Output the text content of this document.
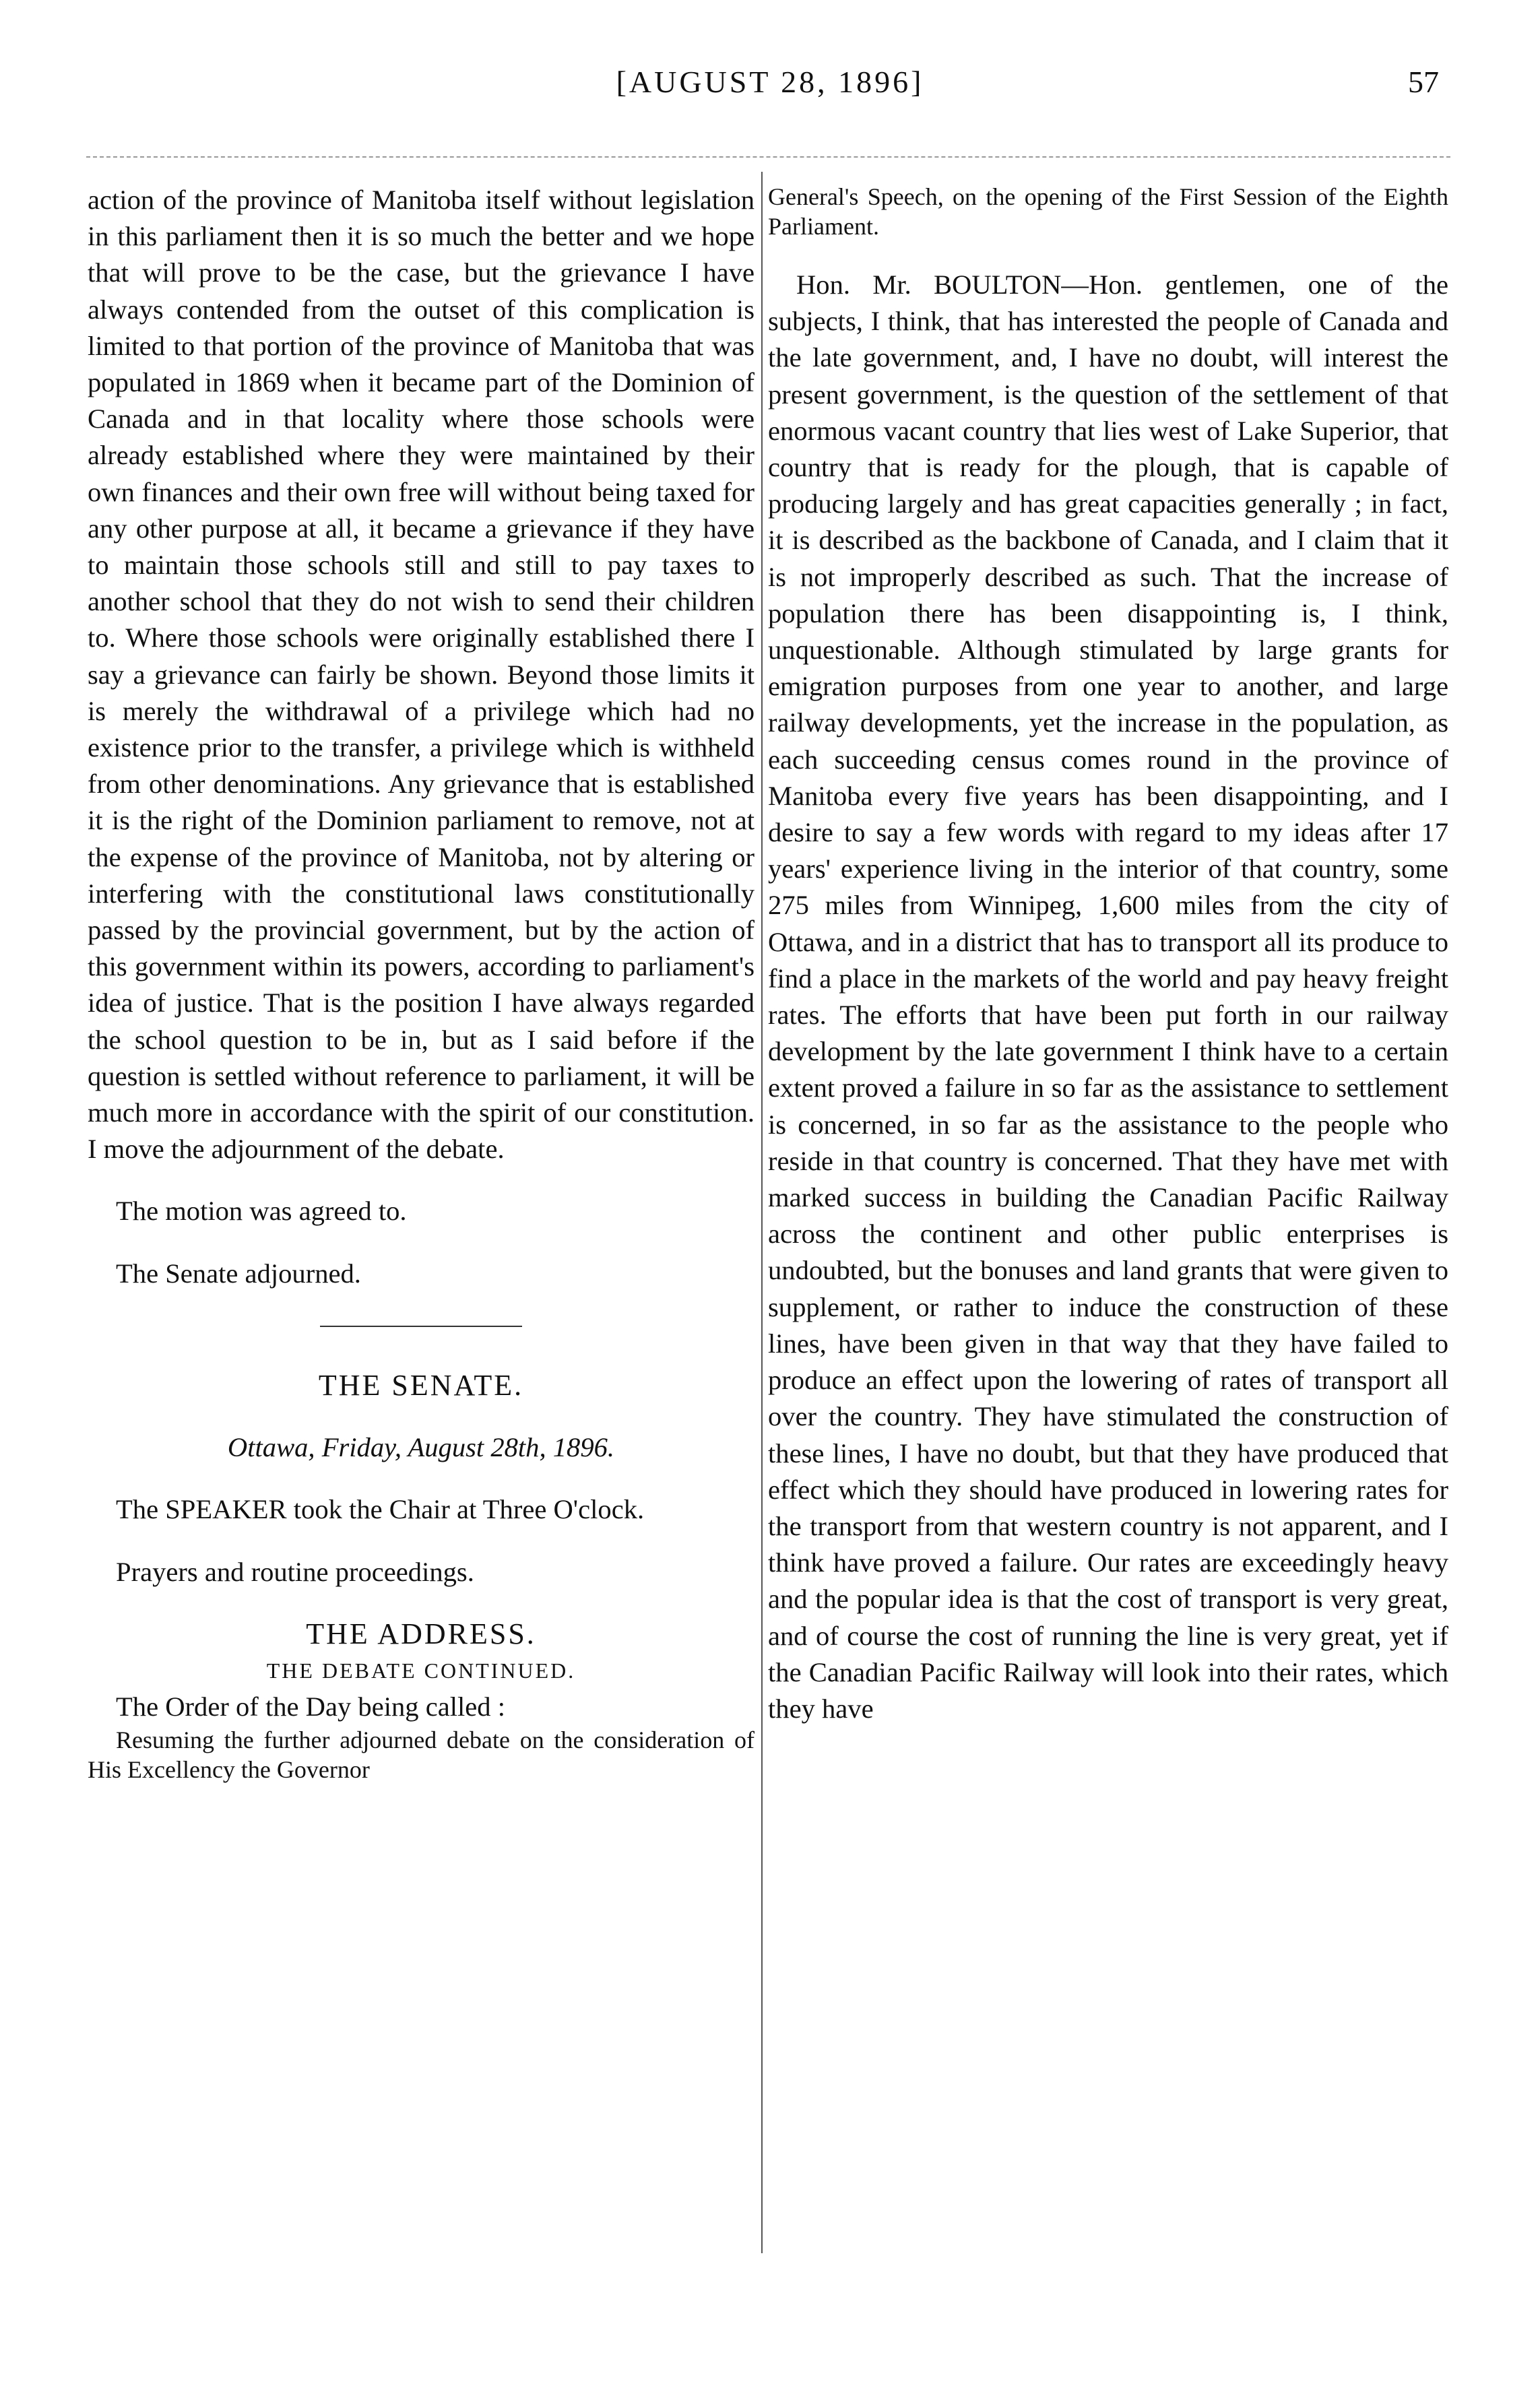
[AUGUST 28, 1896]	57

action of the province of Manitoba itself without legislation in this parliament then it is so much the better and we hope that will prove to be the case, but the grievance I have always contended from the outset of this complication is limited to that portion of the province of Manitoba that was populated in 1869 when it became part of the Dominion of Canada and in that locality where those schools were already established where they were maintained by their own finances and their own free will without being taxed for any other purpose at all, it became a grievance if they have to maintain those schools still and still to pay taxes to another school that they do not wish to send their children to. Where those schools were originally established there I say a grievance can fairly be shown. Beyond those limits it is merely the withdrawal of a privilege which had no existence prior to the transfer, a privilege which is withheld from other denominations. Any grievance that is established it is the right of the Dominion parliament to remove, not at the expense of the province of Manitoba, not by altering or interfering with the constitutional laws constitutionally passed by the provincial government, but by the action of this government within its powers, according to parliament's idea of justice. That is the position I have always regarded the school question to be in, but as I said before if the question is settled without reference to parliament, it will be much more in accordance with the spirit of our constitution. I move the adjournment of the debate.

The motion was agreed to.

The Senate adjourned.

THE SENATE.

Ottawa, Friday, August 28th, 1896.

The SPEAKER took the Chair at Three O'clock.

Prayers and routine proceedings.

THE ADDRESS.

THE DEBATE CONTINUED.

The Order of the Day being called :

Resuming the further adjourned debate on the consideration of His Excellency the Governor

General's Speech, on the opening of the First Session of the Eighth Parliament.

Hon. Mr. BOULTON—Hon. gentlemen, one of the subjects, I think, that has interested the people of Canada and the late government, and, I have no doubt, will interest the present government, is the question of the settlement of that enormous vacant country that lies west of Lake Superior, that country that is ready for the plough, that is capable of producing largely and has great capacities generally ; in fact, it is described as the backbone of Canada, and I claim that it is not improperly described as such. That the increase of population there has been disappointing is, I think, unquestionable. Although stimulated by large grants for emigration purposes from one year to another, and large railway developments, yet the increase in the population, as each succeeding census comes round in the province of Manitoba every five years has been disappointing, and I desire to say a few words with regard to my ideas after 17 years' experience living in the interior of that country, some 275 miles from Winnipeg, 1,600 miles from the city of Ottawa, and in a district that has to transport all its produce to find a place in the markets of the world and pay heavy freight rates. The efforts that have been put forth in our railway development by the late government I think have to a certain extent proved a failure in so far as the assistance to settlement is concerned, in so far as the assistance to the people who reside in that country is concerned. That they have met with marked success in building the Canadian Pacific Railway across the continent and other public enterprises is undoubted, but the bonuses and land grants that were given to supplement, or rather to induce the construction of these lines, have been given in that way that they have failed to produce an effect upon the lowering of rates of transport all over the country. They have stimulated the construction of these lines, I have no doubt, but that they have produced that effect which they should have produced in lowering rates for the transport from that western country is not apparent, and I think have proved a failure. Our rates are exceedingly heavy and the popular idea is that the cost of transport is very great, and of course the cost of running the line is very great, yet if the Canadian Pacific Railway will look into their rates, which they have
